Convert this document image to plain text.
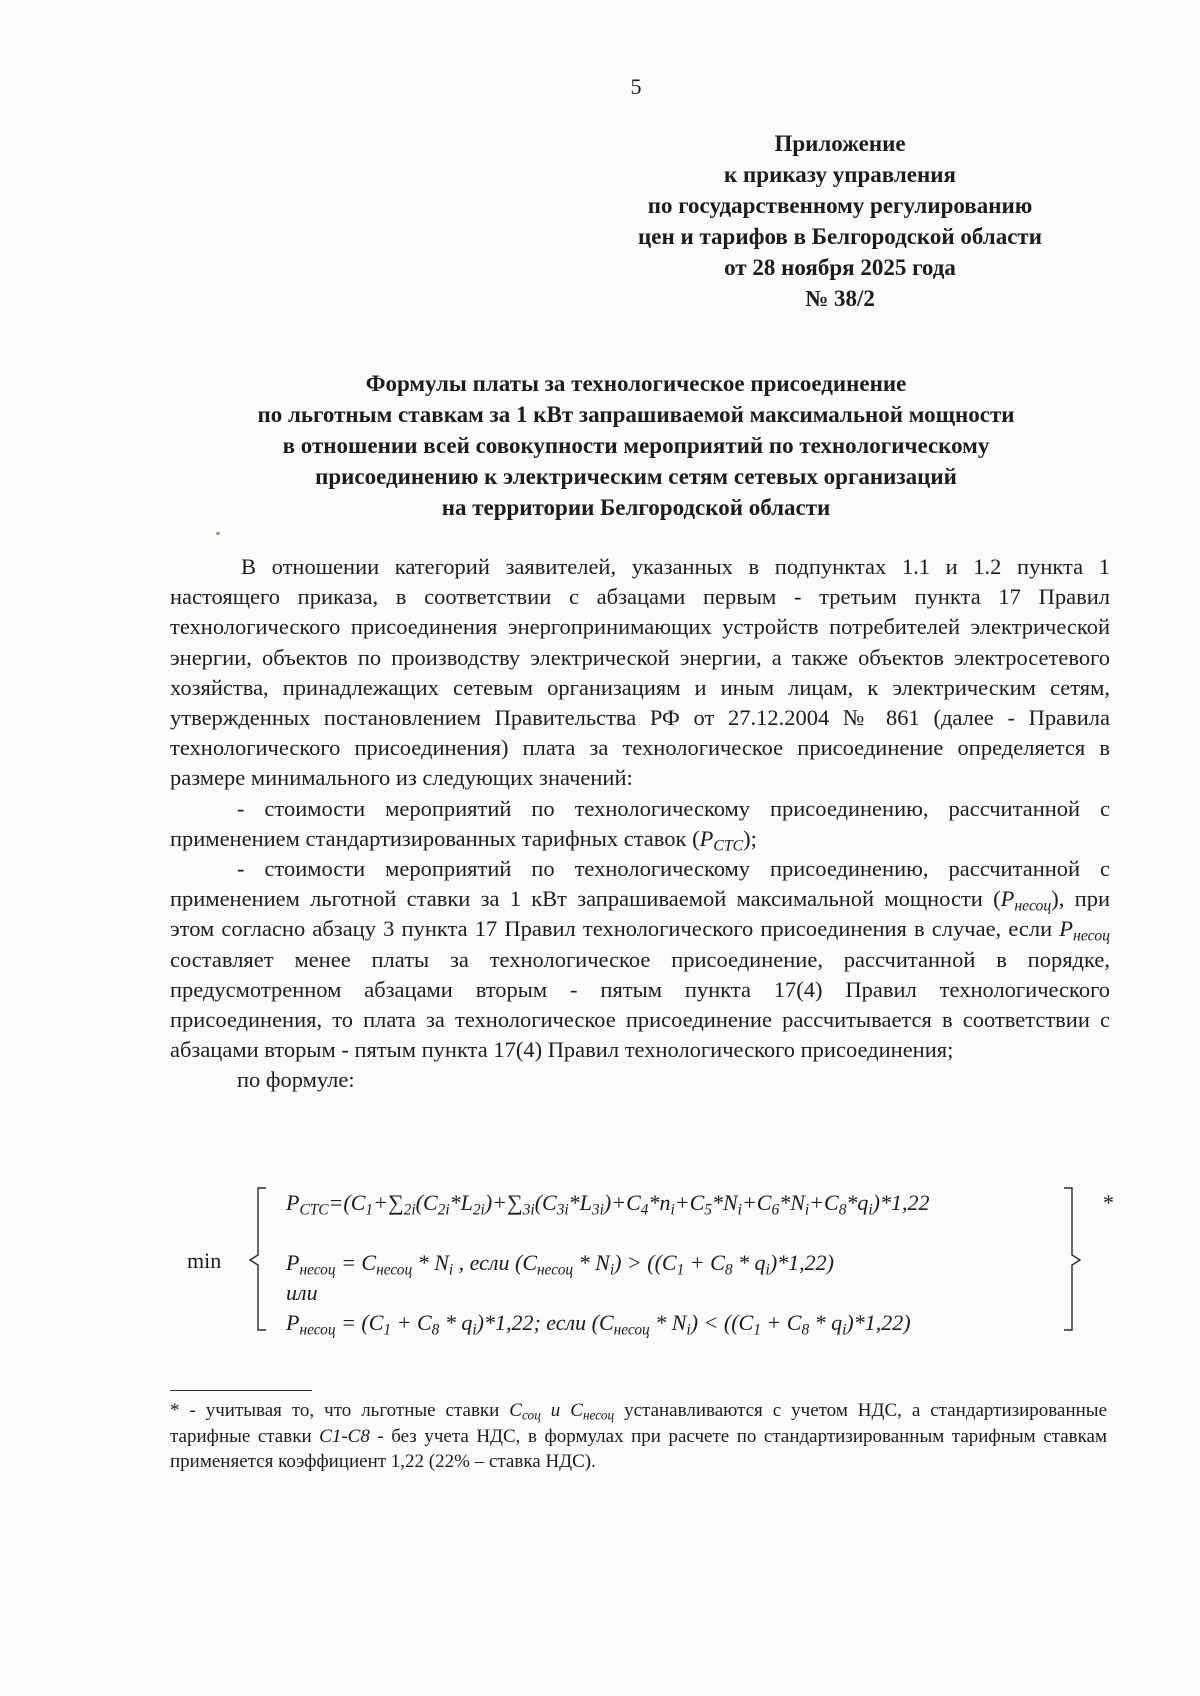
5
Приложение
к приказу управления
по государственному регулированию
цен и тарифов в Белгородской области
от 28 ноября 2025 года
№ 38/2
Формулы платы за технологическое присоединение
по льготным ставкам за 1 кВт запрашиваемой максимальной мощности
в отношении всей совокупности мероприятий по технологическому
присоединению к электрическим сетям сетевых организаций
на территории Белгородской области

В отношении категорий заявителей, указанных в подпунктах 1.1 и 1.2 пункта 1 настоящего приказа, в соответствии с абзацами первым - третьим пункта 17 Правил технологического присоединения энергопринимающих устройств потребителей электрической энергии, объектов по производству электрической энергии, а также объектов электросетевого хозяйства, принадлежащих сетевым организациям и иным лицам, к электрическим сетям, утвержденных постановлением Правительства РФ от 27.12.2004 № 861 (далее - Правила технологического присоединения) плата за технологическое присоединение определяется в размере минимального из следующих значений:

- стоимости мероприятий по технологическому присоединению, рассчитанной с применением стандартизированных тарифных ставок $(P_{СТС})$;

- стоимости мероприятий по технологическому присоединению, рассчитанной с применением льготной ставки за 1 кВт запрашиваемой максимальной мощности $(P_{несоц})$, при этом согласно абзацу 3 пункта 17 Правил технологического присоединения в случае, если $P_{несоц}$ составляет менее платы за технологическое присоединение, рассчитанной в порядке, предусмотренном абзацами вторым - пятым пункта 17(4) Правил технологического присоединения, то плата за технологическое присоединение рассчитывается в соответствии с абзацами вторым - пятым пункта 17(4) Правил технологического присоединения;

по формуле:

min
$P_{CTC}=(C_1+\sum_{2i}(C_{2i}*L_{2i})+\sum_{3i}(C_{3i}*L_{3i})+C_4*n_i+C_5*N_i+C_6*N_i+C_8*q_i)*1,22$	*
$P_{несоц} = C_{несоц} * N_i$ , если $(C_{несоц} * N_i) > ((C_1 + C_8 * q_i)*1,22)$
или
$P_{несоц} = (C_1 + C_8 * q_i)*1,22$; если $(C_{несоц} * N_i) < ((C_1 + C_8 * q_i)*1,22)$

* - учитывая то, что льготные ставки $C_{соц}$ и $C_{несоц}$ устанавливаются с учетом НДС, а стандартизированные тарифные ставки C1-C8 - без учета НДС, в формулах при расчете по стандартизированным тарифным ставкам применяется коэффициент 1,22 (22% – ставка НДС).
